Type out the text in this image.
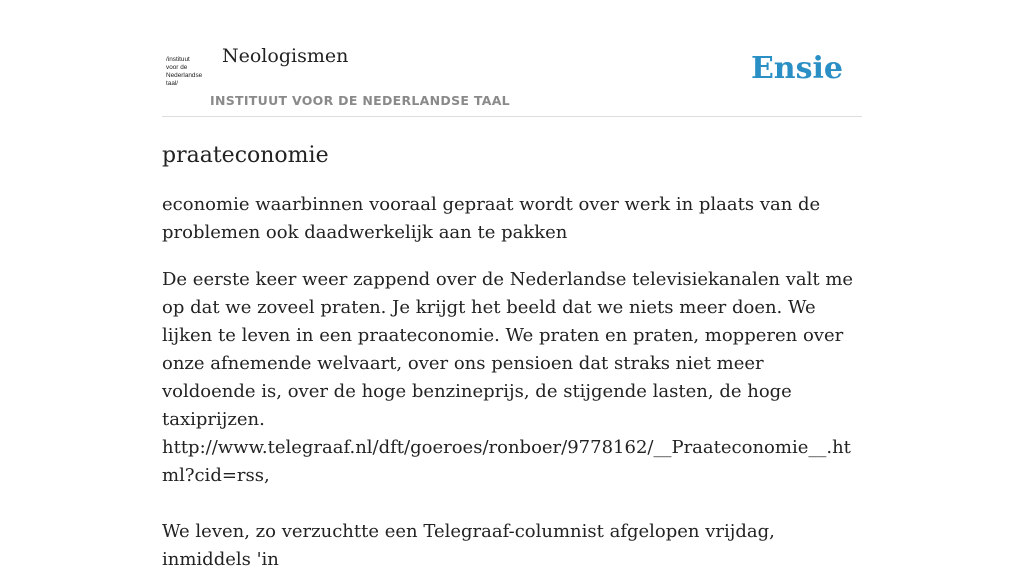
/instituut
voor de
Nederlandse
taal/
Neologismen
INSTITUUT VOOR DE NEDERLANDSE TAAL
Ensie
praateconomie

economie waarbinnen vooraal gepraat wordt over werk in plaats van de problemen ook daadwerkelijk aan te pakken

De eerste keer weer zappend over de Nederlandse televisiekanalen valt me op dat we zoveel praten. Je krijgt het beeld dat we niets meer doen. We lijken te leven in een praateconomie. We praten en praten, mopperen over onze afnemende welvaart, over ons pensioen dat straks niet meer voldoende is, over de hoge benzineprijs, de stijgende lasten, de hoge taxiprijzen. http://www.telegraaf.nl/dft/goeroes/ronboer/9778162/__Praateconomie__.html?cid=rss,
We leven, zo verzuchtte een Telegraaf-columnist afgelopen vrijdag, inmiddels 'in
